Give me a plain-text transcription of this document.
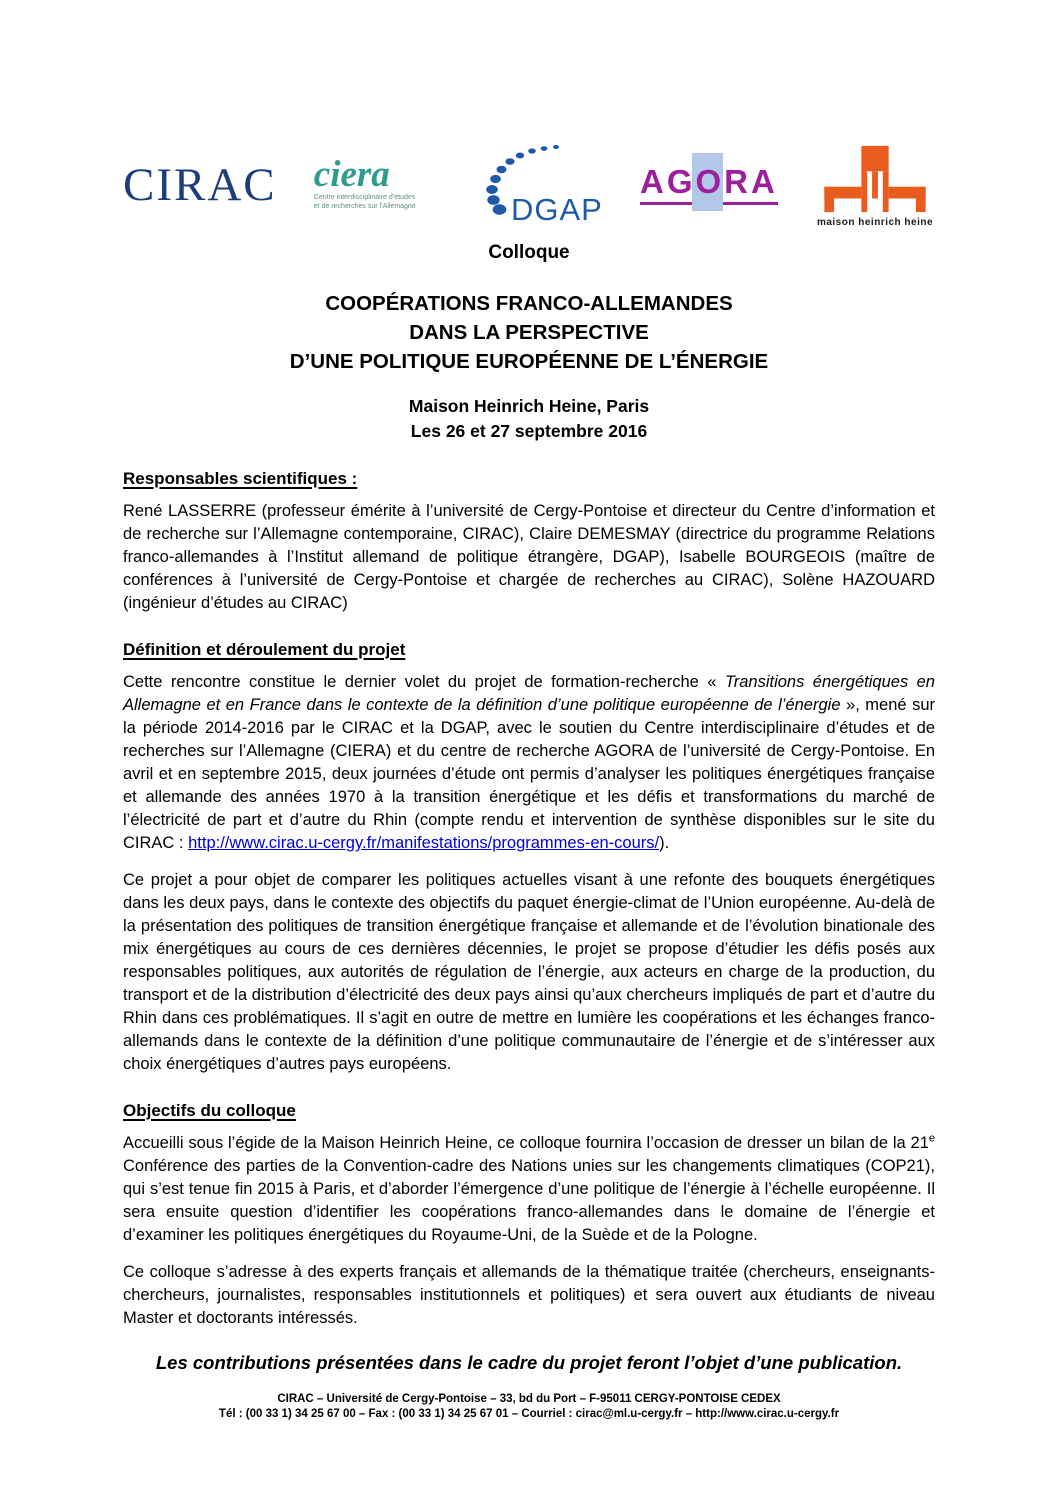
CIRAC ciera
Centre interdisciplinaire d’études
et de recherches sur l’Allemagne	DGAP
AGORA
maison heinrich heine

Colloque

COOPÉRATIONS FRANCO-ALLEMANDES
DANS LA PERSPECTIVE
D’UNE POLITIQUE EUROPÉENNE DE L’ÉNERGIE

Maison Heinrich Heine, Paris

Les 26 et 27 septembre 2016

Responsables scientifiques :

René LASSERRE (professeur émérite à l’université de Cergy-Pontoise et directeur du Centre d’information et de recherche sur l’Allemagne contemporaine, CIRAC), Claire DEMESMAY (directrice du programme Relations franco-allemandes à l’Institut allemand de politique étrangère, DGAP), Isabelle BOURGEOIS (maître de conférences à l’université de Cergy-Pontoise et chargée de recherches au CIRAC), Solène HAZOUARD (ingénieur d’études au CIRAC)

Définition et déroulement du projet

Cette rencontre constitue le dernier volet du projet de formation-recherche « Transitions énergétiques en Allemagne et en France dans le contexte de la définition d’une politique européenne de l’énergie », mené sur la période 2014-2016 par le CIRAC et la DGAP, avec le soutien du Centre interdisciplinaire d’études et de recherches sur l’Allemagne (CIERA) et du centre de recherche AGORA de l’université de Cergy-Pontoise. En avril et en septembre 2015, deux journées d’étude ont permis d’analyser les politiques énergétiques française et allemande des années 1970 à la transition énergétique et les défis et transformations du marché de l’électricité de part et d’autre du Rhin (compte rendu et intervention de synthèse disponibles sur le site du CIRAC : http://www.cirac.u-cergy.fr/manifestations/programmes-en-cours/).

Ce projet a pour objet de comparer les politiques actuelles visant à une refonte des bouquets énergétiques dans les deux pays, dans le contexte des objectifs du paquet énergie-climat de l’Union européenne. Au-delà de la présentation des politiques de transition énergétique française et allemande et de l’évolution binationale des mix énergétiques au cours de ces dernières décennies, le projet se propose d’étudier les défis posés aux responsables politiques, aux autorités de régulation de l’énergie, aux acteurs en charge de la production, du transport et de la distribution d’électricité des deux pays ainsi qu’aux chercheurs impliqués de part et d’autre du Rhin dans ces problématiques. Il s’agit en outre de mettre en lumière les coopérations et les échanges franco-allemands dans le contexte de la définition d’une politique communautaire de l’énergie et de s’intéresser aux choix énergétiques d’autres pays européens.

Objectifs du colloque

Accueilli sous l’égide de la Maison Heinrich Heine, ce colloque fournira l’occasion de dresser un bilan de la 21e Conférence des parties de la Convention-cadre des Nations unies sur les changements climatiques (COP21), qui s’est tenue fin 2015 à Paris, et d’aborder l’émergence d’une politique de l’énergie à l’échelle européenne. Il sera ensuite question d’identifier les coopérations franco-allemandes dans le domaine de l’énergie et d’examiner les politiques énergétiques du Royaume-Uni, de la Suède et de la Pologne.

Ce colloque s’adresse à des experts français et allemands de la thématique traitée (chercheurs, enseignants-chercheurs, journalistes, responsables institutionnels et politiques) et sera ouvert aux étudiants de niveau Master et doctorants intéressés.

Les contributions présentées dans le cadre du projet feront l’objet d’une publication.

CIRAC – Université de Cergy-Pontoise – 33, bd du Port – F-95011 CERGY-PONTOISE CEDEX
Tél : (00 33 1) 34 25 67 00 – Fax : (00 33 1) 34 25 67 01 – Courriel : cirac@ml.u-cergy.fr – http://www.cirac.u-cergy.fr
